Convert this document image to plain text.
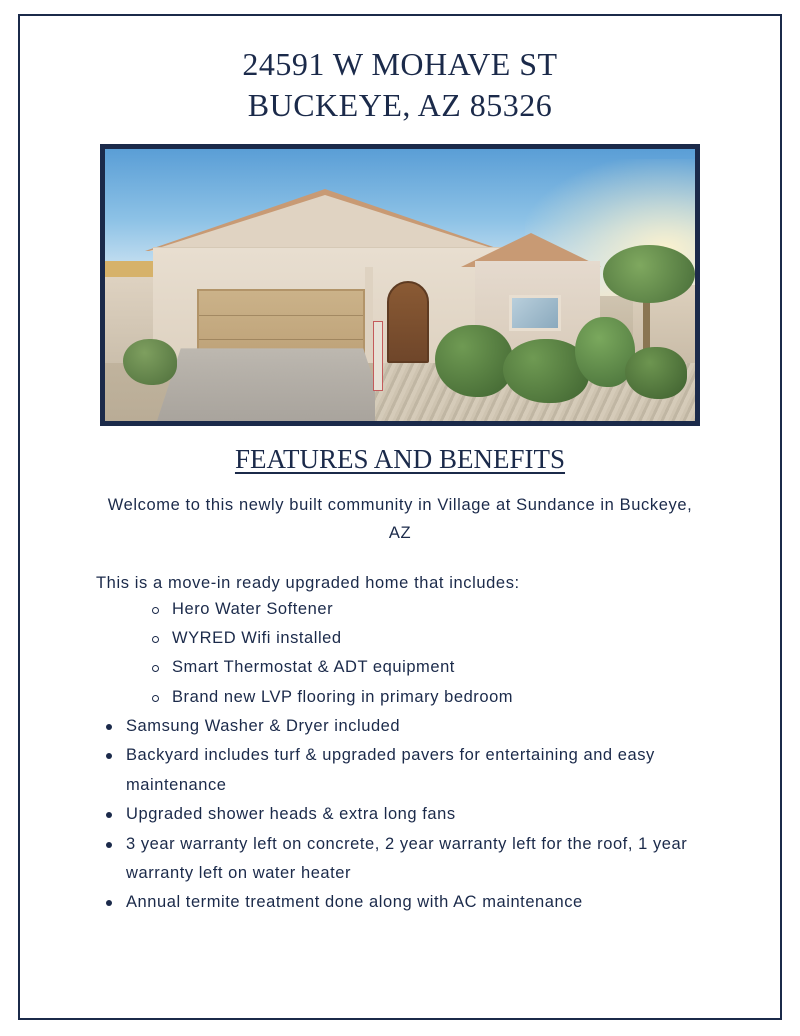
24591 W MOHAVE ST
BUCKEYE, AZ 85326
FEATURES AND BENEFITS
Welcome to this newly built community in Village at Sundance in Buckeye, AZ
This is a move-in ready upgraded home that includes:
Hero Water Softener
WYRED Wifi installed
Smart Thermostat & ADT equipment
Brand new LVP flooring in primary bedroom
Samsung Washer & Dryer included
Backyard includes turf & upgraded pavers for entertaining and easy maintenance
Upgraded shower heads & extra long fans
3 year warranty left on concrete, 2 year warranty left for the roof, 1 year warranty left on water heater
Annual termite treatment done along with AC maintenance
